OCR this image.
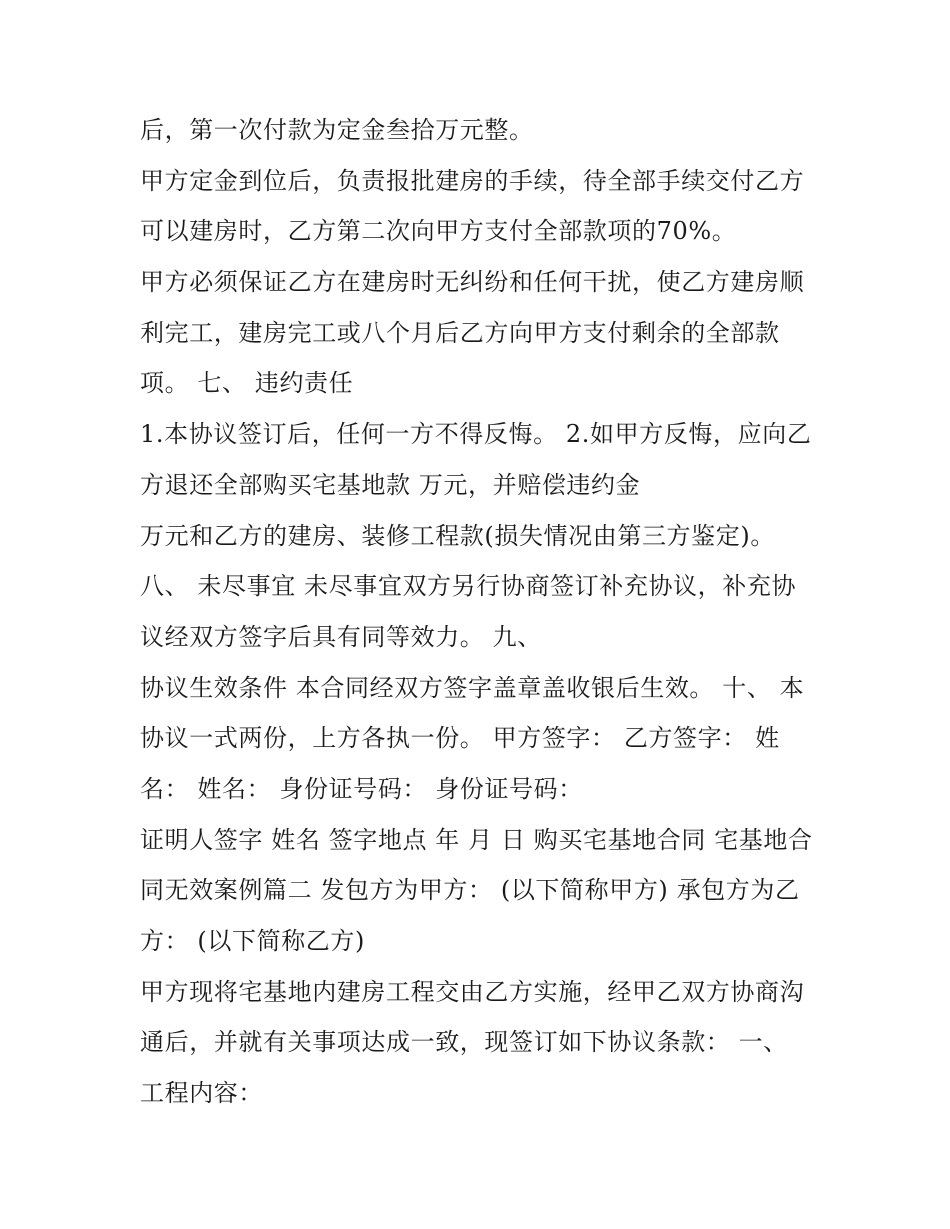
后，第一次付款为定金叁拾万元整。
甲方定金到位后，负责报批建房的手续，待全部手续交付乙方
可以建房时，乙方第二次向甲方支付全部款项的70%。
甲方必须保证乙方在建房时无纠纷和任何干扰，使乙方建房顺
利完工，建房完工或八个月后乙方向甲方支付剩余的全部款
项。 七、 违约责任
1.本协议签订后，任何一方不得反悔。 2.如甲方反悔，应向乙
方退还全部购买宅基地款 万元，并赔偿违约金
万元和乙方的建房、装修工程款(损失情况由第三方鉴定)。
八、 未尽事宜 未尽事宜双方另行协商签订补充协议，补充协
议经双方签字后具有同等效力。 九、
协议生效条件 本合同经双方签字盖章盖收银后生效。 十、 本
协议一式两份，上方各执一份。 甲方签字： 乙方签字： 姓
名： 姓名： 身份证号码： 身份证号码：
证明人签字 姓名 签字地点 年 月 日 购买宅基地合同 宅基地合
同无效案例篇二 发包方为甲方： (以下简称甲方) 承包方为乙
方： (以下简称乙方)
甲方现将宅基地内建房工程交由乙方实施，经甲乙双方协商沟
通后，并就有关事项达成一致，现签订如下协议条款： 一、
工程内容：
